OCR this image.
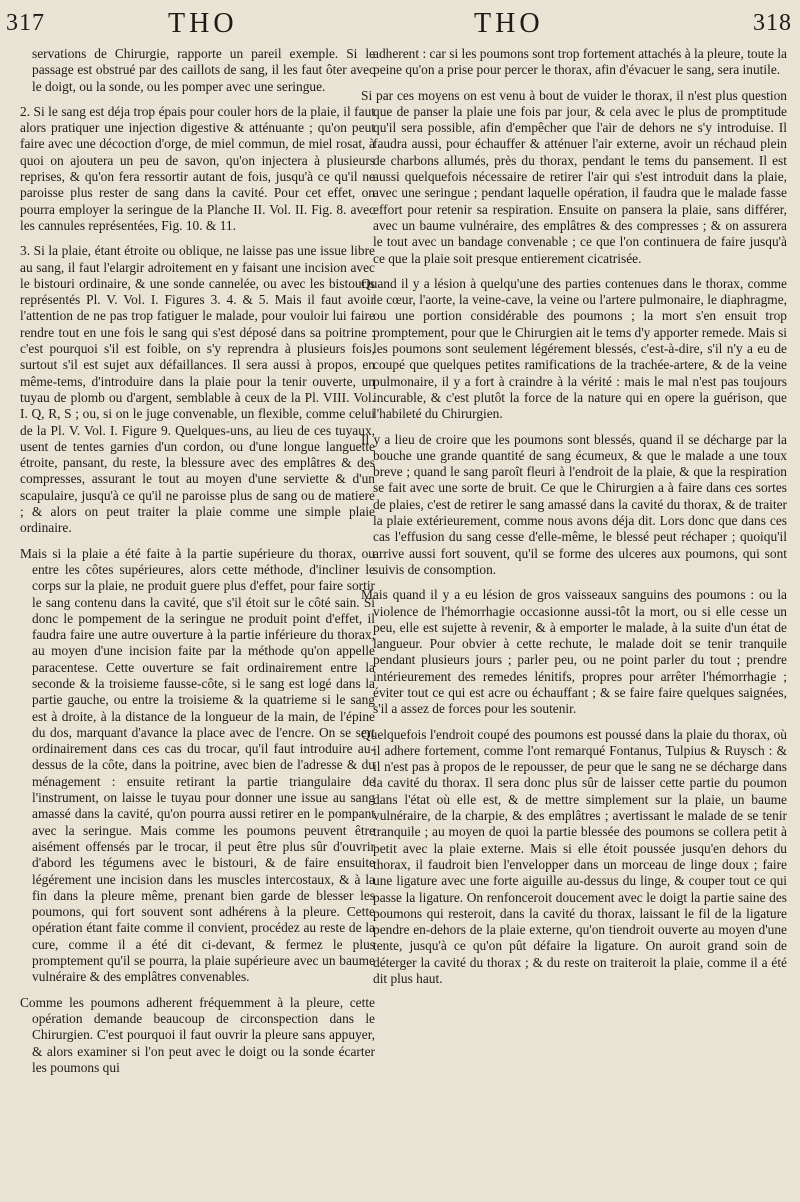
317	THO	THO	318

servations de Chirurgie, rapporte un pareil exemple. Si le passage est obstrué par des caillots de sang, il les faut ôter avec le doigt, ou la sonde, ou les pomper avec une seringue.

2. Si le sang est déja trop épais pour couler hors de la plaie, il faut alors pratiquer une injection digestive & atténuante ; qu'on peut faire avec une décoction d'orge, de miel commun, de miel rosat, à quoi on ajoutera un peu de savon, qu'on injectera à plusieurs reprises, & qu'on fera ressortir autant de fois, jusqu'à ce qu'il ne paroisse plus rester de sang dans la cavité. Pour cet effet, on pourra employer la seringue de la Planche II. Vol. II. Fig. 8. avec les cannules représentées, Fig. 10. & 11.

3. Si la plaie, étant étroite ou oblique, ne laisse pas une issue libre au sang, il faut l'elargir adroitement en y faisant une incision avec le bistouri ordinaire, & une sonde cannelée, ou avec les bistouris représentés Pl. V. Vol. I. Figures 3. 4. & 5. Mais il faut avoir l'attention de ne pas trop fatiguer le malade, pour vouloir lui faire rendre tout en une fois le sang qui s'est déposé dans sa poitrine : c'est pourquoi s'il est foible, on s'y reprendra à plusieurs fois, surtout s'il est sujet aux défaillances. Il sera aussi à propos, en même-tems, d'introduire dans la plaie pour la tenir ouverte, un tuyau de plomb ou d'argent, semblable à ceux de la Pl. VIII. Vol. I. Q, R, S ; ou, si on le juge convenable, un flexible, comme celui de la Pl. V. Vol. I. Figure 9. Quelques-uns, au lieu de ces tuyaux, usent de tentes garnies d'un cordon, ou d'une longue languette étroite, pansant, du reste, la blessure avec des emplâtres & des compresses, assurant le tout au moyen d'une serviette & d'un scapulaire, jusqu'à ce qu'il ne paroisse plus de sang ou de matiere ; & alors on peut traiter la plaie comme une simple plaie ordinaire.

Mais si la plaie a été faite à la partie supérieure du thorax, ou entre les côtes supérieures, alors cette méthode, d'incliner le corps sur la plaie, ne produit guere plus d'effet, pour faire sortir le sang contenu dans la cavité, que s'il étoit sur le côté sain. Si donc le pompement de la seringue ne produit point d'effet, il faudra faire une autre ouverture à la partie inférieure du thorax, au moyen d'une incision faite par la méthode qu'on appelle paracentese. Cette ouverture se fait ordinairement entre la seconde & la troisieme fausse-côte, si le sang est logé dans la partie gauche, ou entre la troisieme & la quatrieme si le sang est à droite, à la distance de la longueur de la main, de l'épine du dos, marquant d'avance la place avec de l'encre. On se sert ordinairement dans ces cas du trocar, qu'il faut introduire au-dessus de la côte, dans la poitrine, avec bien de l'adresse & du ménagement : ensuite retirant la partie triangulaire de l'instrument, on laisse le tuyau pour donner une issue au sang amassé dans la cavité, qu'on pourra aussi retirer en le pompant avec la seringue. Mais comme les poumons peuvent être aisément offensés par le trocar, il peut être plus sûr d'ouvrir d'abord les tégumens avec le bistouri, & de faire ensuite légérement une incision dans les muscles intercostaux, & à la fin dans la pleure même, prenant bien garde de blesser les poumons, qui fort souvent sont adhérens à la pleure. Cette opération étant faite comme il convient, procédez au reste de la cure, comme il a été dit ci-devant, & fermez le plus promptement qu'il se pourra, la plaie supérieure avec un baume vulnéraire & des emplâtres convenables.

Comme les poumons adherent fréquemment à la pleure, cette opération demande beaucoup de circonspection dans le Chirurgien. C'est pourquoi il faut ouvrir la pleure sans appuyer, & alors examiner si l'on peut avec le doigt ou la sonde écarter les poumons qui

adherent : car si les poumons sont trop fortement attachés à la pleure, toute la peine qu'on a prise pour percer le thorax, afin d'évacuer le sang, sera inutile.

Si par ces moyens on est venu à bout de vuider le thorax, il n'est plus question que de panser la plaie une fois par jour, & cela avec le plus de promptitude qu'il sera possible, afin d'empêcher que l'air de dehors ne s'y introduise. Il faudra aussi, pour échauffer & atténuer l'air externe, avoir un réchaud plein de charbons allumés, près du thorax, pendant le tems du pansement. Il est aussi quelquefois nécessaire de retirer l'air qui s'est introduit dans la plaie, avec une seringue ; pendant laquelle opération, il faudra que le malade fasse effort pour retenir sa respiration. Ensuite on pansera la plaie, sans différer, avec un baume vulnéraire, des emplâtres & des compresses ; & on assurera le tout avec un bandage convenable ; ce que l'on continuera de faire jusqu'à ce que la plaie soit presque entierement cicatrisée.

Quand il y a lésion à quelqu'une des parties contenues dans le thorax, comme le cœur, l'aorte, la veine-cave, la veine ou l'artere pulmonaire, le diaphragme, ou une portion considérable des poumons ; la mort s'en ensuit trop promptement, pour que le Chirurgien ait le tems d'y apporter remede. Mais si les poumons sont seulement légérement blessés, c'est-à-dire, s'il n'y a eu de coupé que quelques petites ramifications de la trachée-artere, & de la veine pulmonaire, il y a fort à craindre à la vérité : mais le mal n'est pas toujours incurable, & c'est plutôt la force de la nature qui en opere la guérison, que l'habileté du Chirurgien.

Il y a lieu de croire que les poumons sont blessés, quand il se décharge par la bouche une grande quantité de sang écumeux, & que le malade a une toux breve ; quand le sang paroît fleuri à l'endroit de la plaie, & que la respiration se fait avec une sorte de bruit. Ce que le Chirurgien a à faire dans ces sortes de plaies, c'est de retirer le sang amassé dans la cavité du thorax, & de traiter la plaie extérieurement, comme nous avons déja dit. Lors donc que dans ces cas l'effusion du sang cesse d'elle-même, le blessé peut réchaper ; quoiqu'il arrive aussi fort souvent, qu'il se forme des ulceres aux poumons, qui sont suivis de consomption.

Mais quand il y a eu lésion de gros vaisseaux sanguins des poumons : ou la violence de l'hémorrhagie occasionne aussi-tôt la mort, ou si elle cesse un peu, elle est sujette à revenir, & à emporter le malade, à la suite d'un état de langueur. Pour obvier à cette rechute, le malade doit se tenir tranquile pendant plusieurs jours ; parler peu, ou ne point parler du tout ; prendre intérieurement des remedes lénitifs, propres pour arrêter l'hémorrhagie ; éviter tout ce qui est acre ou échauffant ; & se faire faire quelques saignées, s'il a assez de forces pour les soutenir.

Quelquefois l'endroit coupé des poumons est poussé dans la plaie du thorax, où il adhere fortement, comme l'ont remarqué Fontanus, Tulpius & Ruysch : & il n'est pas à propos de le repousser, de peur que le sang ne se décharge dans la cavité du thorax. Il sera donc plus sûr de laisser cette partie du poumon dans l'état où elle est, & de mettre simplement sur la plaie, un baume vulnéraire, de la charpie, & des emplâtres ; avertissant le malade de se tenir tranquile ; au moyen de quoi la partie blessée des poumons se collera petit à petit avec la plaie externe. Mais si elle étoit poussée jusqu'en dehors du thorax, il faudroit bien l'envelopper dans un morceau de linge doux ; faire une ligature avec une forte aiguille au-dessus du linge, & couper tout ce qui passe la ligature. On renfonceroit doucement avec le doigt la partie saine des poumons qui resteroit, dans la cavité du thorax, laissant le fil de la ligature pendre en-dehors de la plaie externe, qu'on tiendroit ouverte au moyen d'une tente, jusqu'à ce qu'on pût défaire la ligature. On auroit grand soin de déterger la cavité du thorax ; & du reste on traiteroit la plaie, comme il a été dit plus haut.
